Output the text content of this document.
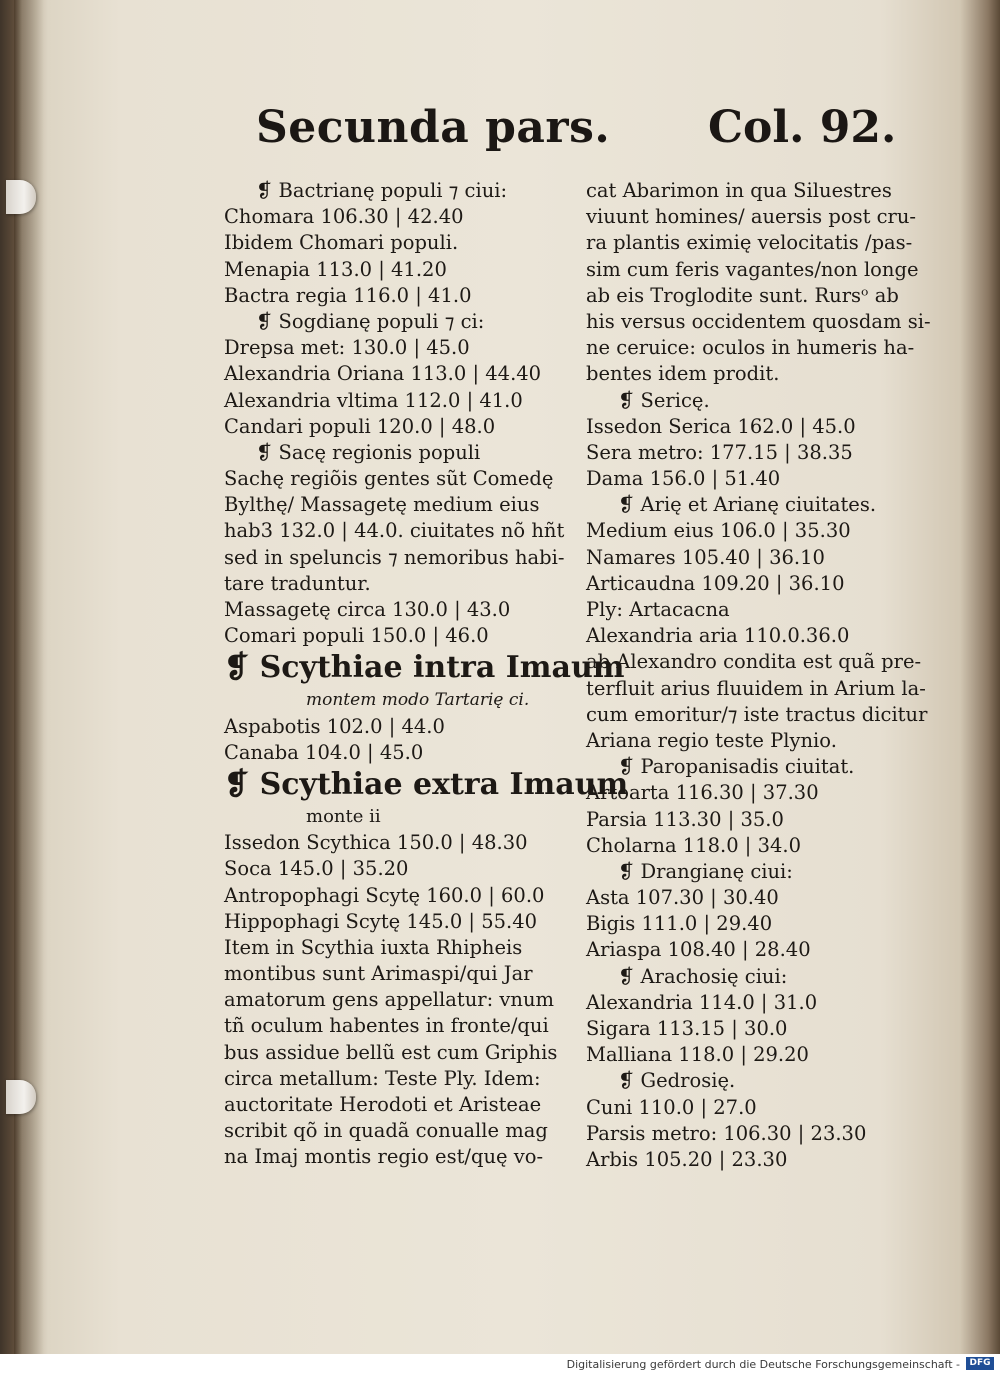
Secunda pars. Col. 92.
❡ Bactrianę populi ⁊ ciui:
Chomara 106.30 | 42.40
Ibidem Chomari populi.
Menapia 113.0 | 41.20
Bactra regia 116.0 | 41.0
❡ Sogdianę populi ⁊ ci:
Drepsa met: 130.0 | 45.0
Alexandria Oriana 113.0 | 44.40
Alexandria vltima 112.0 | 41.0
Candari populi 120.0 | 48.0
❡ Sacę regionis populi
Sachę regiõis gentes sũt Comedę
Bylthę/ Massagetę medium eius
hab3 132.0 | 44.0. ciuitates nõ hñt
sed in speluncis ⁊ nemoribus habi-
tare traduntur.
Massagetę circa 130.0 | 43.0
Comari populi 150.0 | 46.0
❡ Scythiae intra Imaum
montem modo Tartarię ci.
Aspabotis 102.0 | 44.0
Canaba 104.0 | 45.0
❡ Scythiae extra Imaum
monte ii
Issedon Scythica 150.0 | 48.30
Soca 145.0 | 35.20
Antropophagi Scytę 160.0 | 60.0
Hippophagi Scytę 145.0 | 55.40
Item in Scythia iuxta Rhipheis
montibus sunt Arimaspi/qui Jar
amatorum gens appellatur: vnum
tñ oculum habentes in fronte/qui
bus assidue bellũ est cum Griphis
circa metallum: Teste Ply. Idem:
auctoritate Herodoti et Aristeae
scribit qõ in quadã conualle mag
na Imaj montis regio est/quę vo-
cat Abarimon in qua Siluestres
viuunt homines/ auersis post cru-
ra plantis eximię velocitatis /pas-
sim cum feris vagantes/non longe
ab eis Troglodite sunt. Rursᵒ ab
his versus occidentem quosdam si-
ne ceruice: oculos in humeris ha-
bentes idem prodit.
❡ Sericę.
Issedon Serica 162.0 | 45.0
Sera metro: 177.15 | 38.35
Dama 156.0 | 51.40
❡ Arię et Arianę ciuitates.
Medium eius 106.0 | 35.30
Namares 105.40 | 36.10
Articaudna 109.20 | 36.10
Ply: Artacacna
Alexandria aria 110.0.36.0
ab Alexandro condita est quã pre-
terfluit arius fluuidem in Arium la-
cum emoritur/⁊ iste tractus dicitur
Ariana regio teste Plynio.
❡ Paropanisadis ciuitat.
Artoarta 116.30 | 37.30
Parsia 113.30 | 35.0
Cholarna 118.0 | 34.0
❡ Drangianę ciui:
Asta 107.30 | 30.40
Bigis 111.0 | 29.40
Ariaspa 108.40 | 28.40
❡ Arachosię ciui:
Alexandria 114.0 | 31.0
Sigara 113.15 | 30.0
Malliana 118.0 | 29.20
❡ Gedrosię.
Cuni 110.0 | 27.0
Parsis metro: 106.30 | 23.30
Arbis 105.20 | 23.30
Digitalisierung gefördert durch die Deutsche Forschungsgemeinschaft -	DFG
